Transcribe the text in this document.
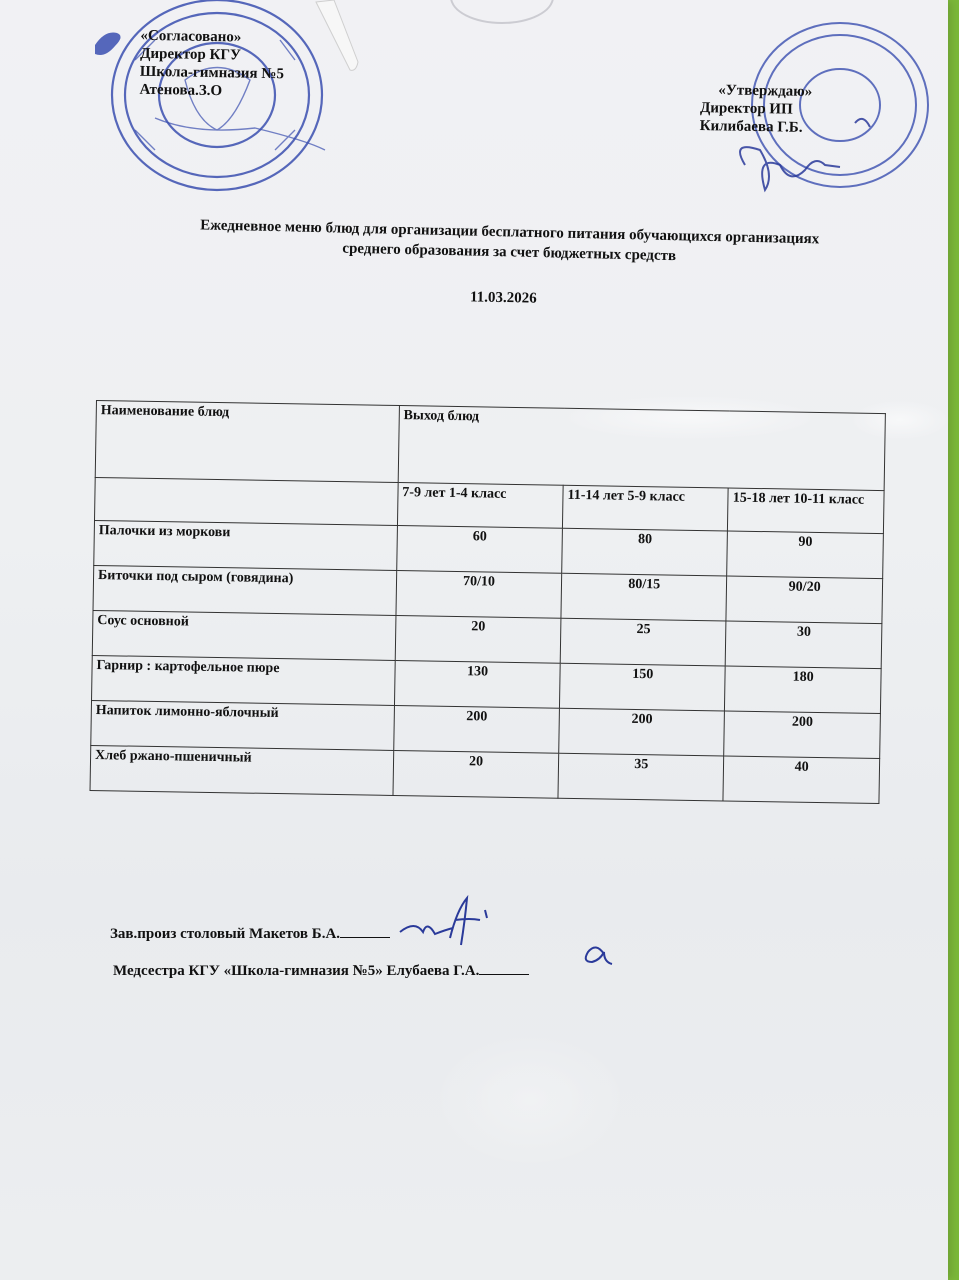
«Согласовано»
Директор КГУ
Школа-гимназия №5
Атенова.З.О	«Утверждаю»
Директор ИП
Килибаева Г.Б.
Ежедневное меню блюд для организации бесплатного питания обучающихся организациях
среднего образования за счет бюджетных средств
11.03.2026
Наименование блюд	Выход блюд		
	7-9 лет 1-4 класс	11-14 лет 5-9 класс	15-18 лет 10-11 класс
Палочки из моркови	60	80	90
Биточки под сыром (говядина)	70/10	80/15	90/20
Соус основной	20	25	30
Гарнир : картофельное пюре	130	150	180
Напиток лимонно-яблочный	200	200	200
Хлеб ржано-пшеничный	20	35	40
Зав.произ столовый Макетов Б.А.
Медсестра КГУ «Школа-гимназия №5» Елубаева Г.А.
